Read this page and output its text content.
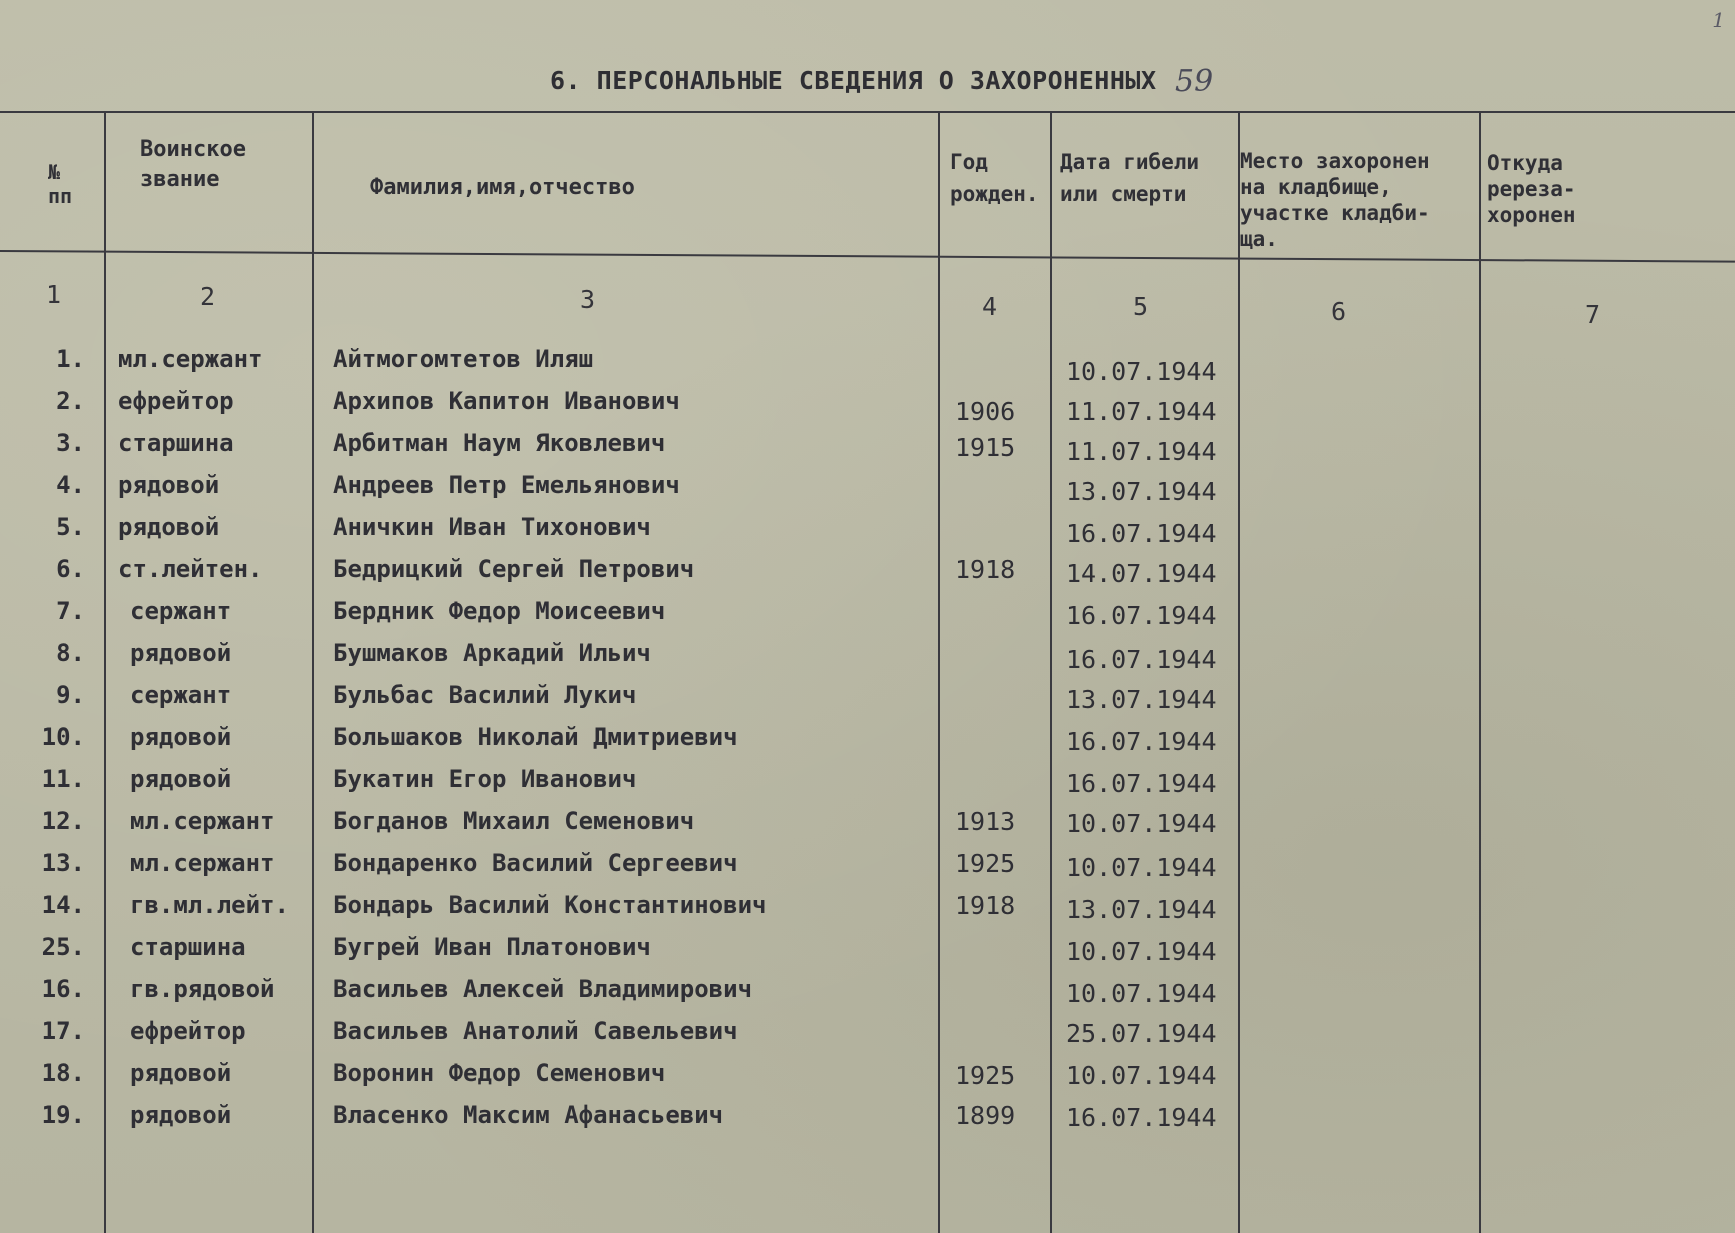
6. ПЕРСОНАЛЬНЫЕ СВЕДЕНИЯ О ЗАХОРОНЕННЫХ 59
1
№
пп
Воинское
звание	Фамилия,имя,отчество
Год
рожден.
Дата гибели
или смерти
Место захоронен
на кладбище,
участке кладби-
ща.
Откуда
pереза-
хоронен
1	2	3	4	5	6	7
1. мл.сержант	Айтмогомтетов Иляш	10.07.1944
2. ефрейтор	Архипов Капитон Иванович	1906 11.07.1944
3. старшина	Арбитман Наум Яковлевич	1915 11.07.1944
4. рядовой	Андреев Петр Емельянович	13.07.1944
5. рядовой	Аничкин Иван Тихонович	16.07.1944
6. ст.лейтен.	Бедрицкий Сергей Петрович	1918 14.07.1944
7. сержант	Бердник Федор Моисеевич	16.07.1944
8. рядовой	Бушмаков Аркадий Ильич	16.07.1944
9. сержант	Бульбас Василий Лукич	13.07.1944
10. рядовой	Большаков Николай Дмитриевич	16.07.1944
11. рядовой	Букатин Егор Иванович	16.07.1944
12. мл.сержант Богданов Михаил Семенович	1913 10.07.1944
13. мл.сержант Бондаренко Василий Сергеевич	1925 10.07.1944
14. гв.мл.лейт. Бондарь Василий Константинович	1918 13.07.1944
25. старшина	Бугрей Иван Платонович	10.07.1944
16. гв.рядовой Васильев Алексей Владимирович	10.07.1944
17. ефрейтор	Васильев Анатолий Савельевич	25.07.1944
18. рядовой	Воронин Федор Семенович	1925 10.07.1944
19. рядовой	Власенко Максим Афанасьевич	1899 16.07.1944
